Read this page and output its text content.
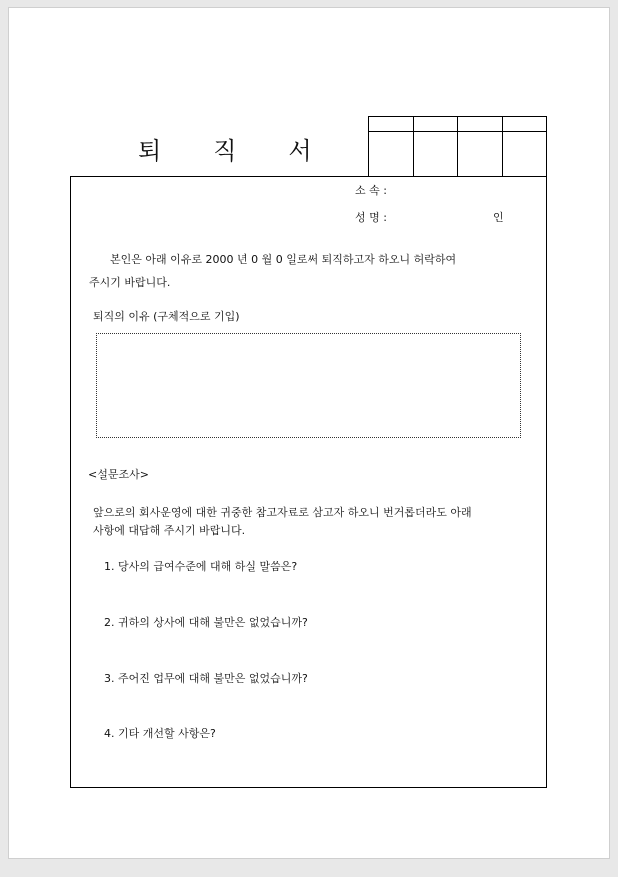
퇴 직 서

소 속 :
성 명 :	인
본인은 아래 이유로 2000 년 0 월 0 일로써 퇴직하고자 하오니 허락하여
주시기 바랍니다.
퇴직의 이유 (구체적으로 기입)
<설문조사>
앞으로의 회사운영에 대한 귀중한 참고자료로 삼고자 하오니 번거롭더라도 아래
사항에 대답해 주시기 바랍니다.
1. 당사의 급여수준에 대해 하실 말씀은?
2. 귀하의 상사에 대해 불만은 없었습니까?
3. 주어진 업무에 대해 불만은 없었습니까?
4. 기타 개선할 사항은?
